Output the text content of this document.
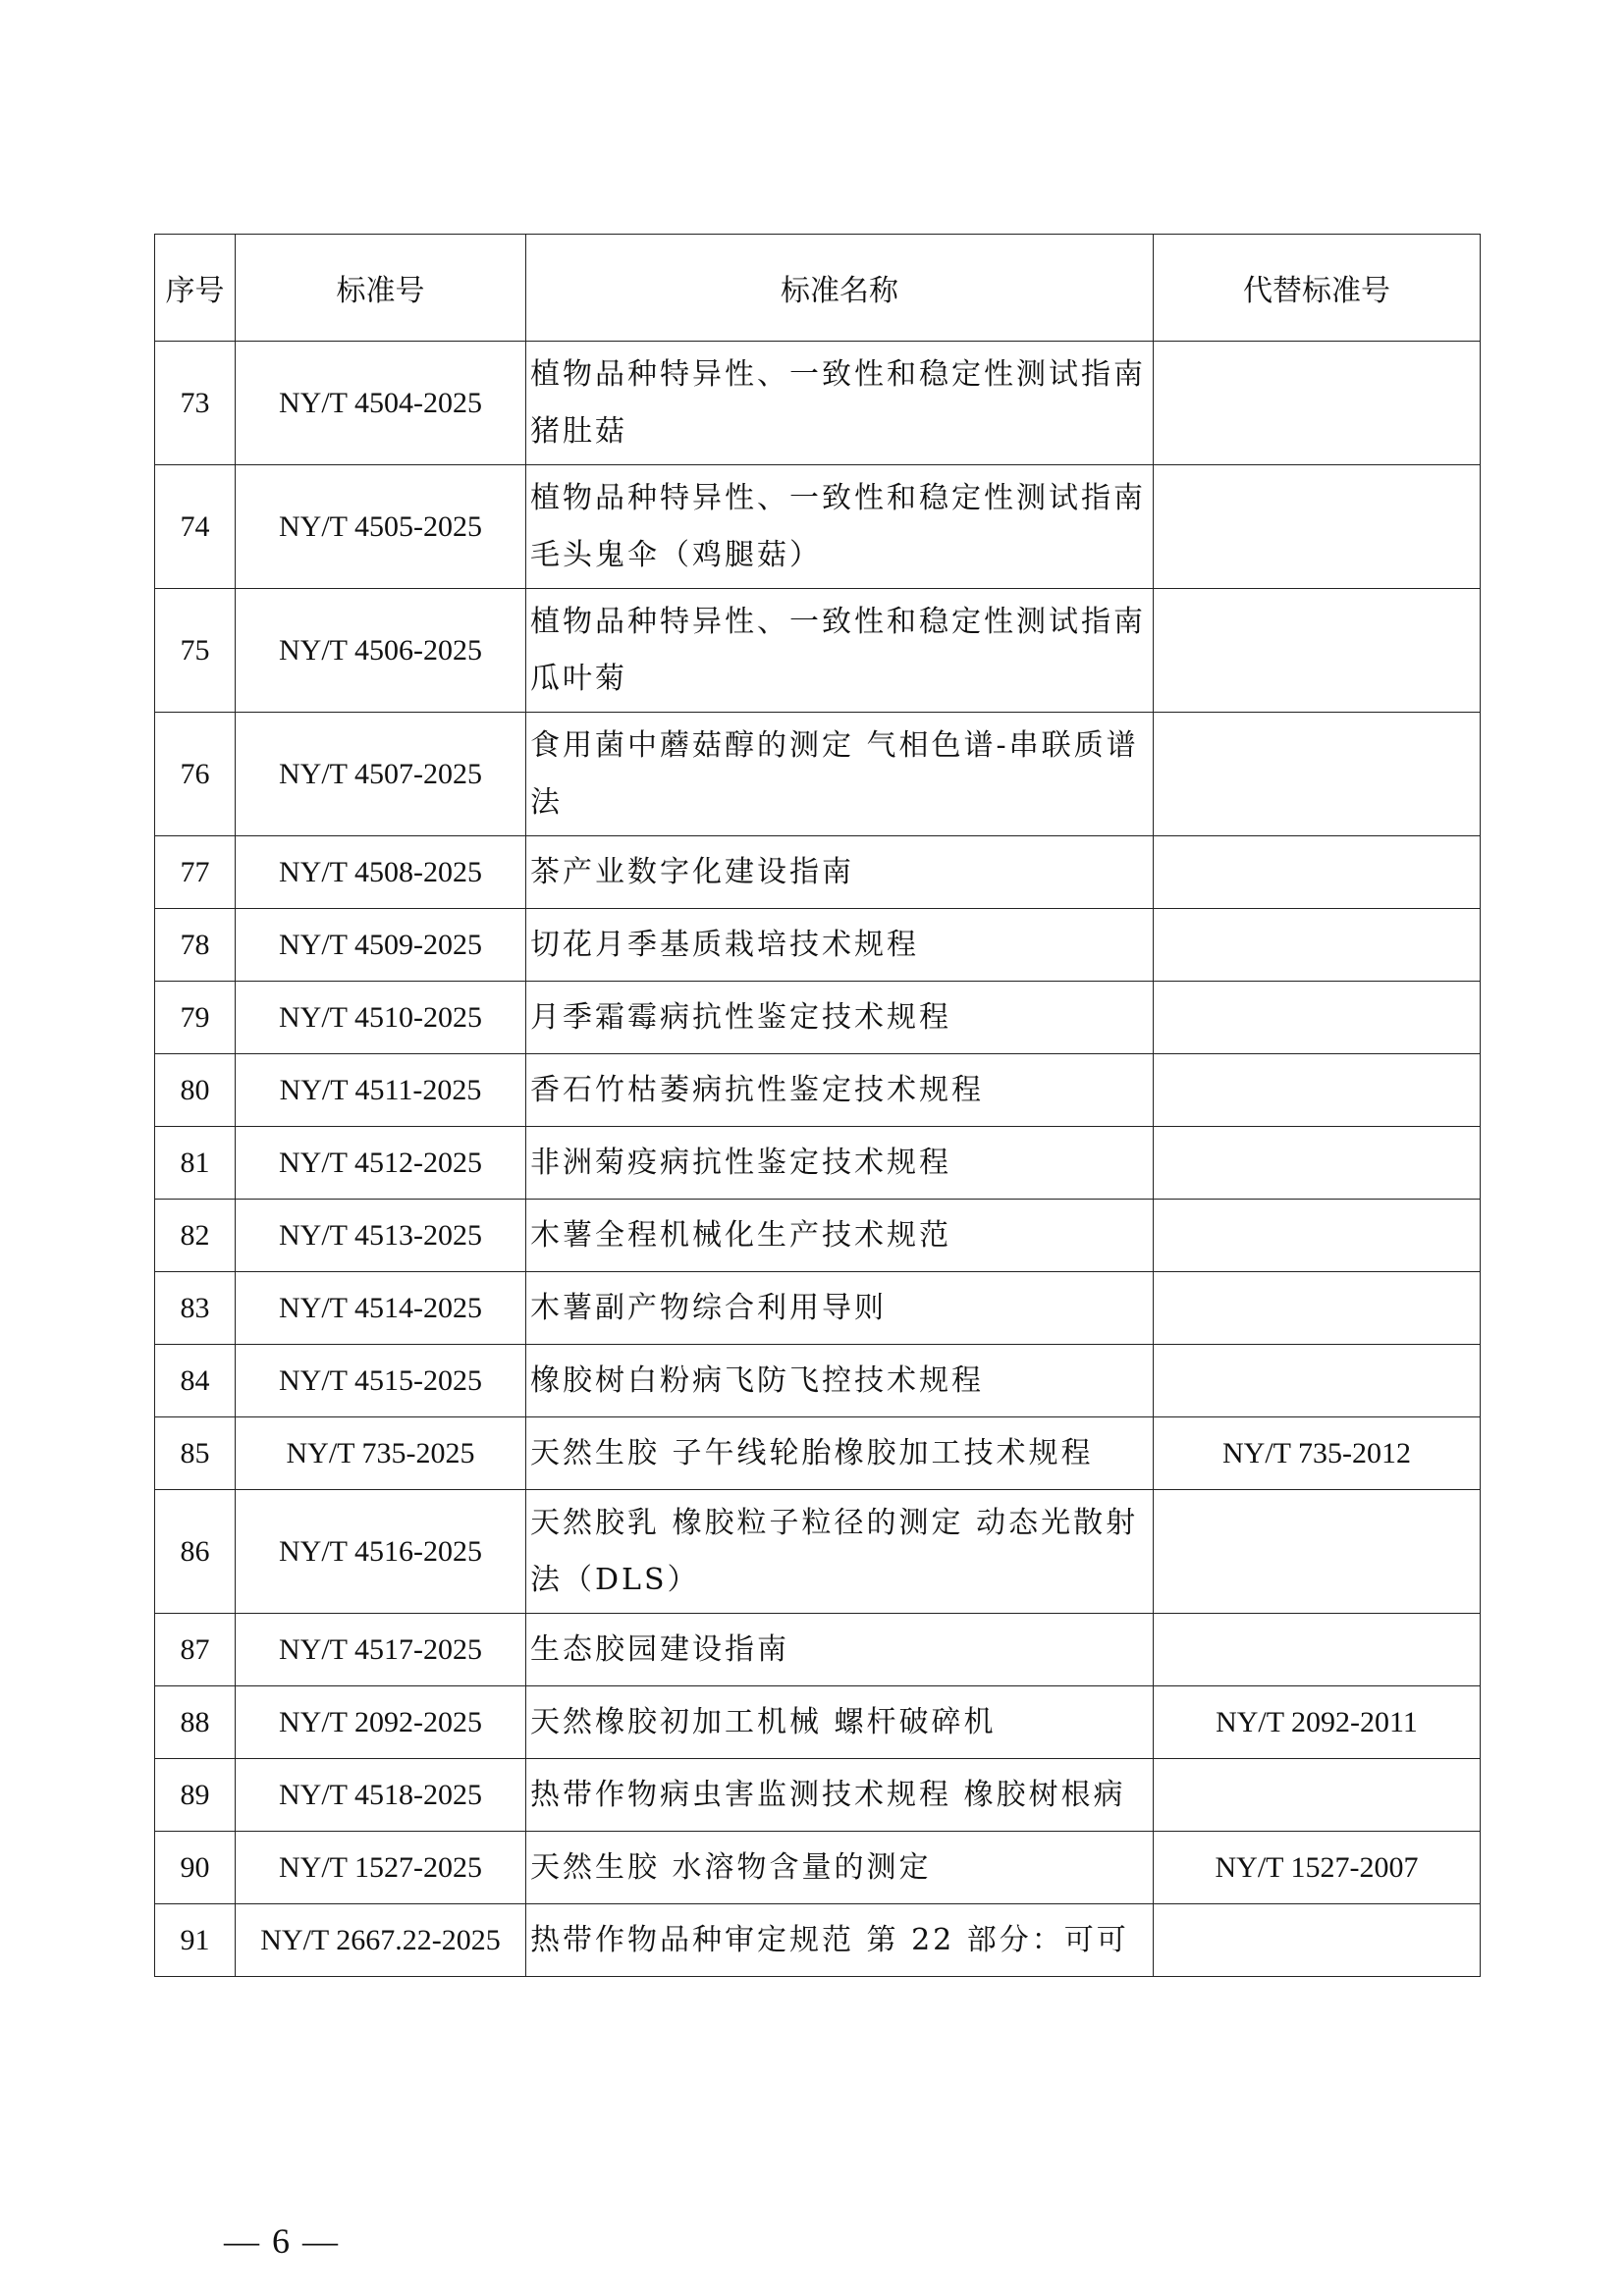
序号	标准号	标准名称	代替标准号
73	NY/T 4504-2025	植物品种特异性、一致性和稳定性测试指南 猪肚菇	
74	NY/T 4505-2025	植物品种特异性、一致性和稳定性测试指南 毛头鬼伞（鸡腿菇）	
75	NY/T 4506-2025	植物品种特异性、一致性和稳定性测试指南 瓜叶菊	
76	NY/T 4507-2025	食用菌中蘑菇醇的测定 气相色谱-串联质谱法	
77	NY/T 4508-2025	茶产业数字化建设指南	
78	NY/T 4509-2025	切花月季基质栽培技术规程	
79	NY/T 4510-2025	月季霜霉病抗性鉴定技术规程	
80	NY/T 4511-2025	香石竹枯萎病抗性鉴定技术规程	
81	NY/T 4512-2025	非洲菊疫病抗性鉴定技术规程	
82	NY/T 4513-2025	木薯全程机械化生产技术规范	
83	NY/T 4514-2025	木薯副产物综合利用导则	
84	NY/T 4515-2025	橡胶树白粉病飞防飞控技术规程	
85	NY/T 735-2025	天然生胶 子午线轮胎橡胶加工技术规程	NY/T 735-2012
86	NY/T 4516-2025	天然胶乳 橡胶粒子粒径的测定 动态光散射法（DLS）	
87	NY/T 4517-2025	生态胶园建设指南	
88	NY/T 2092-2025	天然橡胶初加工机械 螺杆破碎机	NY/T 2092-2011
89	NY/T 4518-2025	热带作物病虫害监测技术规程 橡胶树根病	
90	NY/T 1527-2025	天然生胶 水溶物含量的测定	NY/T 1527-2007
91	NY/T 2667.22-2025	热带作物品种审定规范 第 22 部分：可可	
— 6 —
